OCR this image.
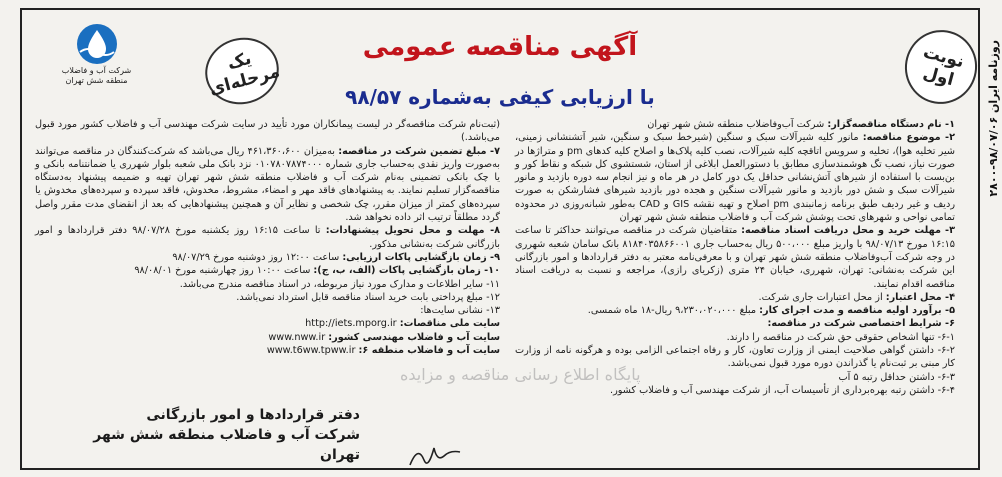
روزنامه ایران ۹۸/۰۷/۰۶-۲۸۰۰
شرکت آب و فاضلاب
منطقه شش تهران
یک مرحله‌ای
آگهی مناقصه عمومی
با ارزیابی کیفی به‌شماره ۹۸/۵۷
نوبت اول

۱- نام دستگاه مناقصه‌گزار: شرکت آب‌وفاضلاب منطقه شش شهر تهران

۲- موضوع مناقصه: مانور کلیه شیرآلات سبک و سنگین (شیرخط سبک و سنگین، شیر آتشنشانی زمینی، شیر تخلیه هوا)، تخلیه و سرویس اتاقچه کلیه شیرآلات، نصب کلیه پلاک‌ها و اصلاح کلیه کدهای pm و متراژها در صورت نیاز، نصب تگ هوشمندسازی مطابق با دستورالعمل ابلاغی از استان، شستشوی کل شبکه و نقاط کور و بن‌بست با استفاده از شیرهای آتش‌نشانی حداقل یک دور کامل در هر ماه و نیز انجام سه دوره بازدید و مانور شیرآلات سبک و شش دور بازدید و مانور شیرآلات سنگین و هجده دور بازدید شیرهای فشارشکن به صورت ردیف و غیر ردیف طبق برنامه زمانبندی pm اصلاح و تهیه نقشه GIS و CAD به‌طور شبانه‌روزی در محدوده تمامی نواحی و شهرهای تحت پوشش شرکت آب و فاضلاب منطقه شش شهر تهران

۳- مهلت خرید و محل دریافت اسناد مناقصه: متقاضیان شرکت در مناقصه می‌توانند حداکثر تا ساعت ۱۶:۱۵ مورخ ۹۸/۰۷/۱۳ با واریز مبلغ ۵۰۰،۰۰۰ ریال به‌حساب جاری ۸۱۸۴۰۳۵۸۶۶۰۰۱ بانک سامان شعبه شهرری در وجه شرکت آب‌وفاضلاب منطقه شش شهر تهران و با معرفی‌نامه معتبر به دفتر قراردادها و امور بازرگانی این شرکت به‌نشانی: تهران، شهرری، خیابان ۲۴ متری (زکریای رازی)، مراجعه و نسبت به دریافت اسناد مناقصه اقدام نمایند.

۴- محل اعتبار: از محل اعتبارات جاری شرکت.

۵- برآورد اولیه مناقصه و مدت اجرای کار: مبلغ ۹،۲۳۰،۰۲۰،۰۰۰ ریال-۱۸ ماه شمسی.

۶- شرایط اختصاصی شرکت در مناقصه:

۶-۱- تنها اشخاص حقوقی حق شرکت در مناقصه را دارند.

۶-۲- داشتن گواهی صلاحیت ایمنی از وزارت تعاون، کار و رفاه اجتماعی الزامی بوده و هرگونه نامه از وزارت کار مبنی بر ثبت‌نام یا گذراندن دوره مورد قبول نمی‌باشد.

۶-۳- داشتن حداقل رتبه ۵ آب

۶-۴- داشتن رتبه بهره‌برداری از تأسیسات آب، از شرکت مهندسی آب و فاضلاب کشور.

(ثبت‌نام شرکت مناقصه‌گر در لیست پیمانکاران مورد تأیید در سایت شرکت مهندسی آب و فاضلاب کشور مورد قبول می‌باشد.)

۷- مبلغ تضمین شرکت در مناقصه: به‌میزان ۴۶۱،۳۶۰،۶۰۰ ریال می‌باشد که شرکت‌کنندگان در مناقصه می‌توانند به‌صورت واریز نقدی به‌حساب جاری شماره ۰۱۰۷۸۰۷۸۷۴۰۰۰ نزد بانک ملی شعبه بلوار شهرری یا ضمانتنامه بانکی و یا چک بانکی تضمینی به‌نام شرکت آب و فاضلاب منطقه شش شهر تهران تهیه و ضمیمه پیشنهاد به‌دستگاه مناقصه‌گزار تسلیم نمایند. به پیشنهادهای فاقد مهر و امضاء، مشروط، مخدوش، فاقد سپرده و سپرده‌های مخدوش یا سپرده‌های کمتر از میزان مقرر، چک شخصی و نظایر آن و همچنین پیشنهادهایی که بعد از انقضای مدت مقرر واصل گردد مطلقاً ترتیب اثر داده نخواهد شد.

۸- مهلت و محل تحویل پیشنهادات: تا ساعت ۱۶:۱۵ روز یکشنبه مورخ ۹۸/۰۷/۲۸ دفتر قراردادها و امور بازرگانی شرکت به‌نشانی مذکور.

۹- زمان بازگشایی پاکات ارزیابی: ساعت ۱۲:۰۰ روز دوشنبه مورخ ۹۸/۰۷/۲۹

۱۰- زمان بازگشایی پاکات (الف، ب، ج): ساعت ۱۰:۰۰ روز چهارشنبه مورخ ۹۸/۰۸/۰۱

۱۱- سایر اطلاعات و مدارک مورد نیاز مربوطه، در اسناد مناقصه مندرج می‌باشد.

۱۲- مبلغ پرداختی بابت خرید اسناد مناقصه قابل استرداد نمی‌باشد.

۱۳- نشانی سایت‌ها:

سایت ملی مناقصات: http://iets.mporg.ir

سایت آب و فاضلاب مهندسی کشور: www.nww.ir

سایت آب و فاضلاب منطقه ۶: www.t6ww.tpww.ir

پایگاه اطلاع رسانی مناقصه و مزایده
دفتر قراردادها و امور بازرگانی
شرکت آب و فاضلاب منطقه شش شهر تهران
